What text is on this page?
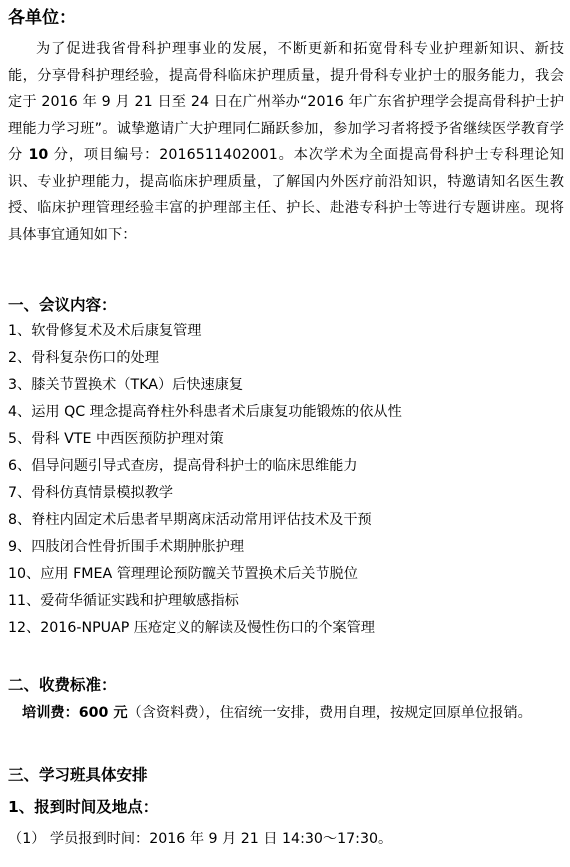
各单位：
为了促进我省骨科护理事业的发展，不断更新和拓宽骨科专业护理新知识、新技能，分享骨科护理经验，提高骨科临床护理质量，提升骨科专业护士的服务能力，我会定于 2016 年 9 月 21 日至 24 日在广州举办“2016 年广东省护理学会提高骨科护士护理能力学习班”。诚挚邀请广大护理同仁踊跃参加，参加学习者将授予省继续医学教育学分 10 分，项目编号：2016511402001。本次学术为全面提高骨科护士专科理论知识、专业护理能力，提高临床护理质量，了解国内外医疗前沿知识，特邀请知名医生教授、临床护理管理经验丰富的护理部主任、护长、赴港专科护士等进行专题讲座。现将具体事宜通知如下：
一、会议内容：
1、软骨修复术及术后康复管理
2、骨科复杂伤口的处理
3、膝关节置换术（TKA）后快速康复
4、运用 QC 理念提高脊柱外科患者术后康复功能锻炼的依从性
5、骨科 VTE 中西医预防护理对策
6、倡导问题引导式查房，提高骨科护士的临床思维能力
7、骨科仿真情景模拟教学
8、脊柱内固定术后患者早期离床活动常用评估技术及干预
9、四肢闭合性骨折围手术期肿胀护理
10、应用 FMEA 管理理论预防髋关节置换术后关节脱位
11、爱荷华循证实践和护理敏感指标
12、2016-NPUAP 压疮定义的解读及慢性伤口的个案管理
二、收费标准：
培训费：600 元（含资料费），住宿统一安排，费用自理，按规定回原单位报销。
三、学习班具体安排
1、报到时间及地点：
（1） 学员报到时间：2016 年 9 月 21 日 14:30～17:30。
